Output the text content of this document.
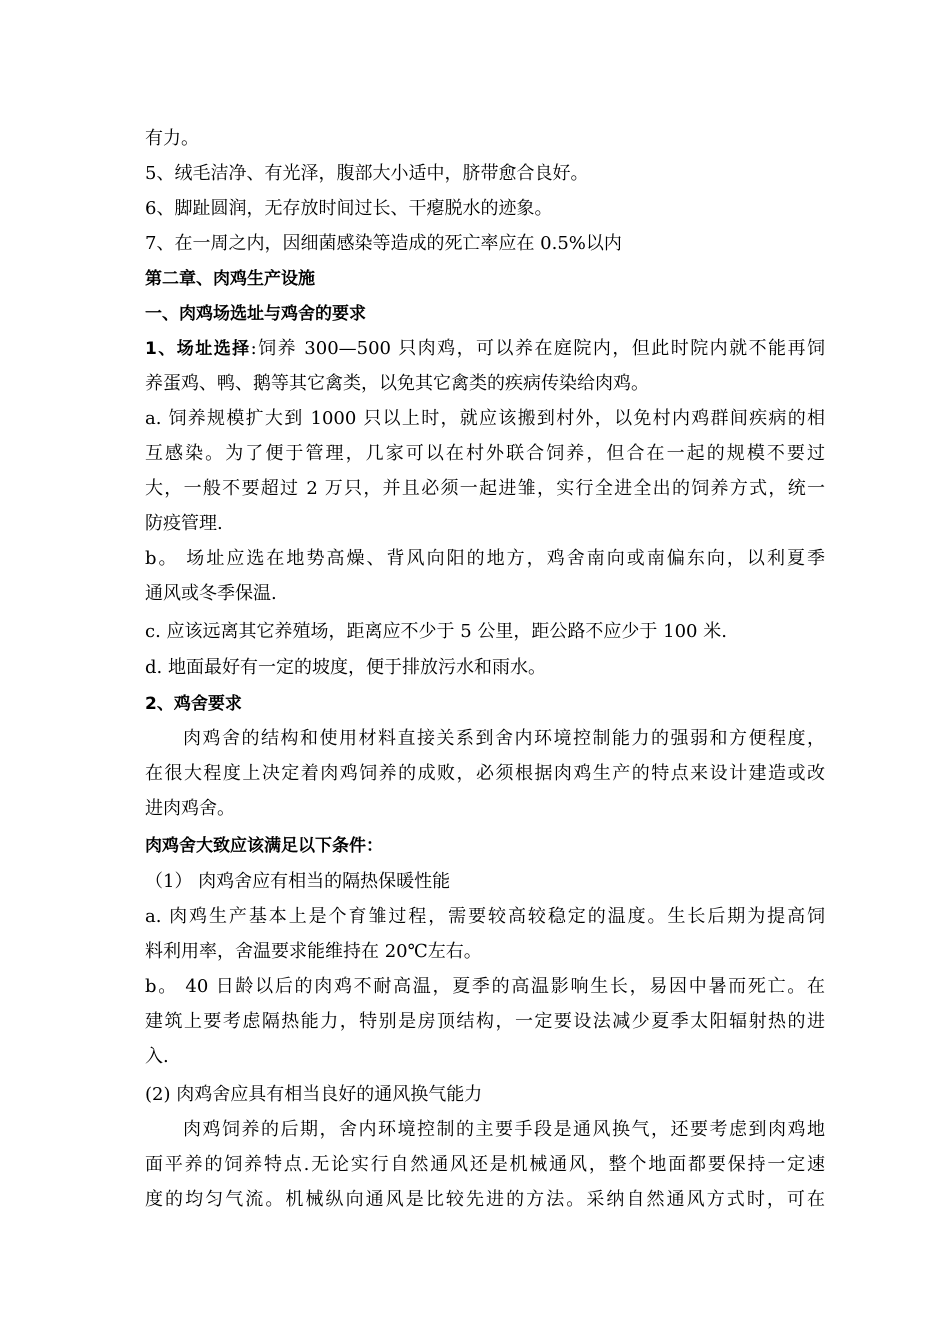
有力。
5、绒毛洁净、有光泽，腹部大小适中，脐带愈合良好。
6、脚趾圆润，无存放时间过长、干瘪脱水的迹象。
7、在一周之内，因细菌感染等造成的死亡率应在 0.5%以内
第二章、肉鸡生产设施
一、肉鸡场选址与鸡舍的要求
1、场址选择:饲养 300—500 只肉鸡，可以养在庭院内，但此时院内就不能再饲
养蛋鸡、鸭、鹅等其它禽类，以免其它禽类的疾病传染给肉鸡。
a. 饲养规模扩大到 1000 只以上时，就应该搬到村外，以免村内鸡群间疾病的相
互感染。为了便于管理，几家可以在村外联合饲养，但合在一起的规模不要过
大，一般不要超过 2 万只，并且必须一起进雏，实行全进全出的饲养方式，统一
防疫管理.
b。 场址应选在地势高燥、背风向阳的地方，鸡舍南向或南偏东向，以利夏季
通风或冬季保温.
c. 应该远离其它养殖场，距离应不少于 5 公里，距公路不应少于 100 米.
d. 地面最好有一定的坡度，便于排放污水和雨水。
2、鸡舍要求
肉鸡舍的结构和使用材料直接关系到舍内环境控制能力的强弱和方便程度，
在很大程度上决定着肉鸡饲养的成败，必须根据肉鸡生产的特点来设计建造或改
进肉鸡舍。
肉鸡舍大致应该满足以下条件：
（1） 肉鸡舍应有相当的隔热保暖性能
a. 肉鸡生产基本上是个育雏过程，需要较高较稳定的温度。生长后期为提高饲
料利用率，舍温要求能维持在 20℃左右。
b。 40 日龄以后的肉鸡不耐高温，夏季的高温影响生长，易因中暑而死亡。在
建筑上要考虑隔热能力，特别是房顶结构，一定要设法减少夏季太阳辐射热的进
入.
(2) 肉鸡舍应具有相当良好的通风换气能力
肉鸡饲养的后期，舍内环境控制的主要手段是通风换气，还要考虑到肉鸡地
面平养的饲养特点.无论实行自然通风还是机械通风，整个地面都要保持一定速
度的均匀气流。机械纵向通风是比较先进的方法。采纳自然通风方式时，可在
